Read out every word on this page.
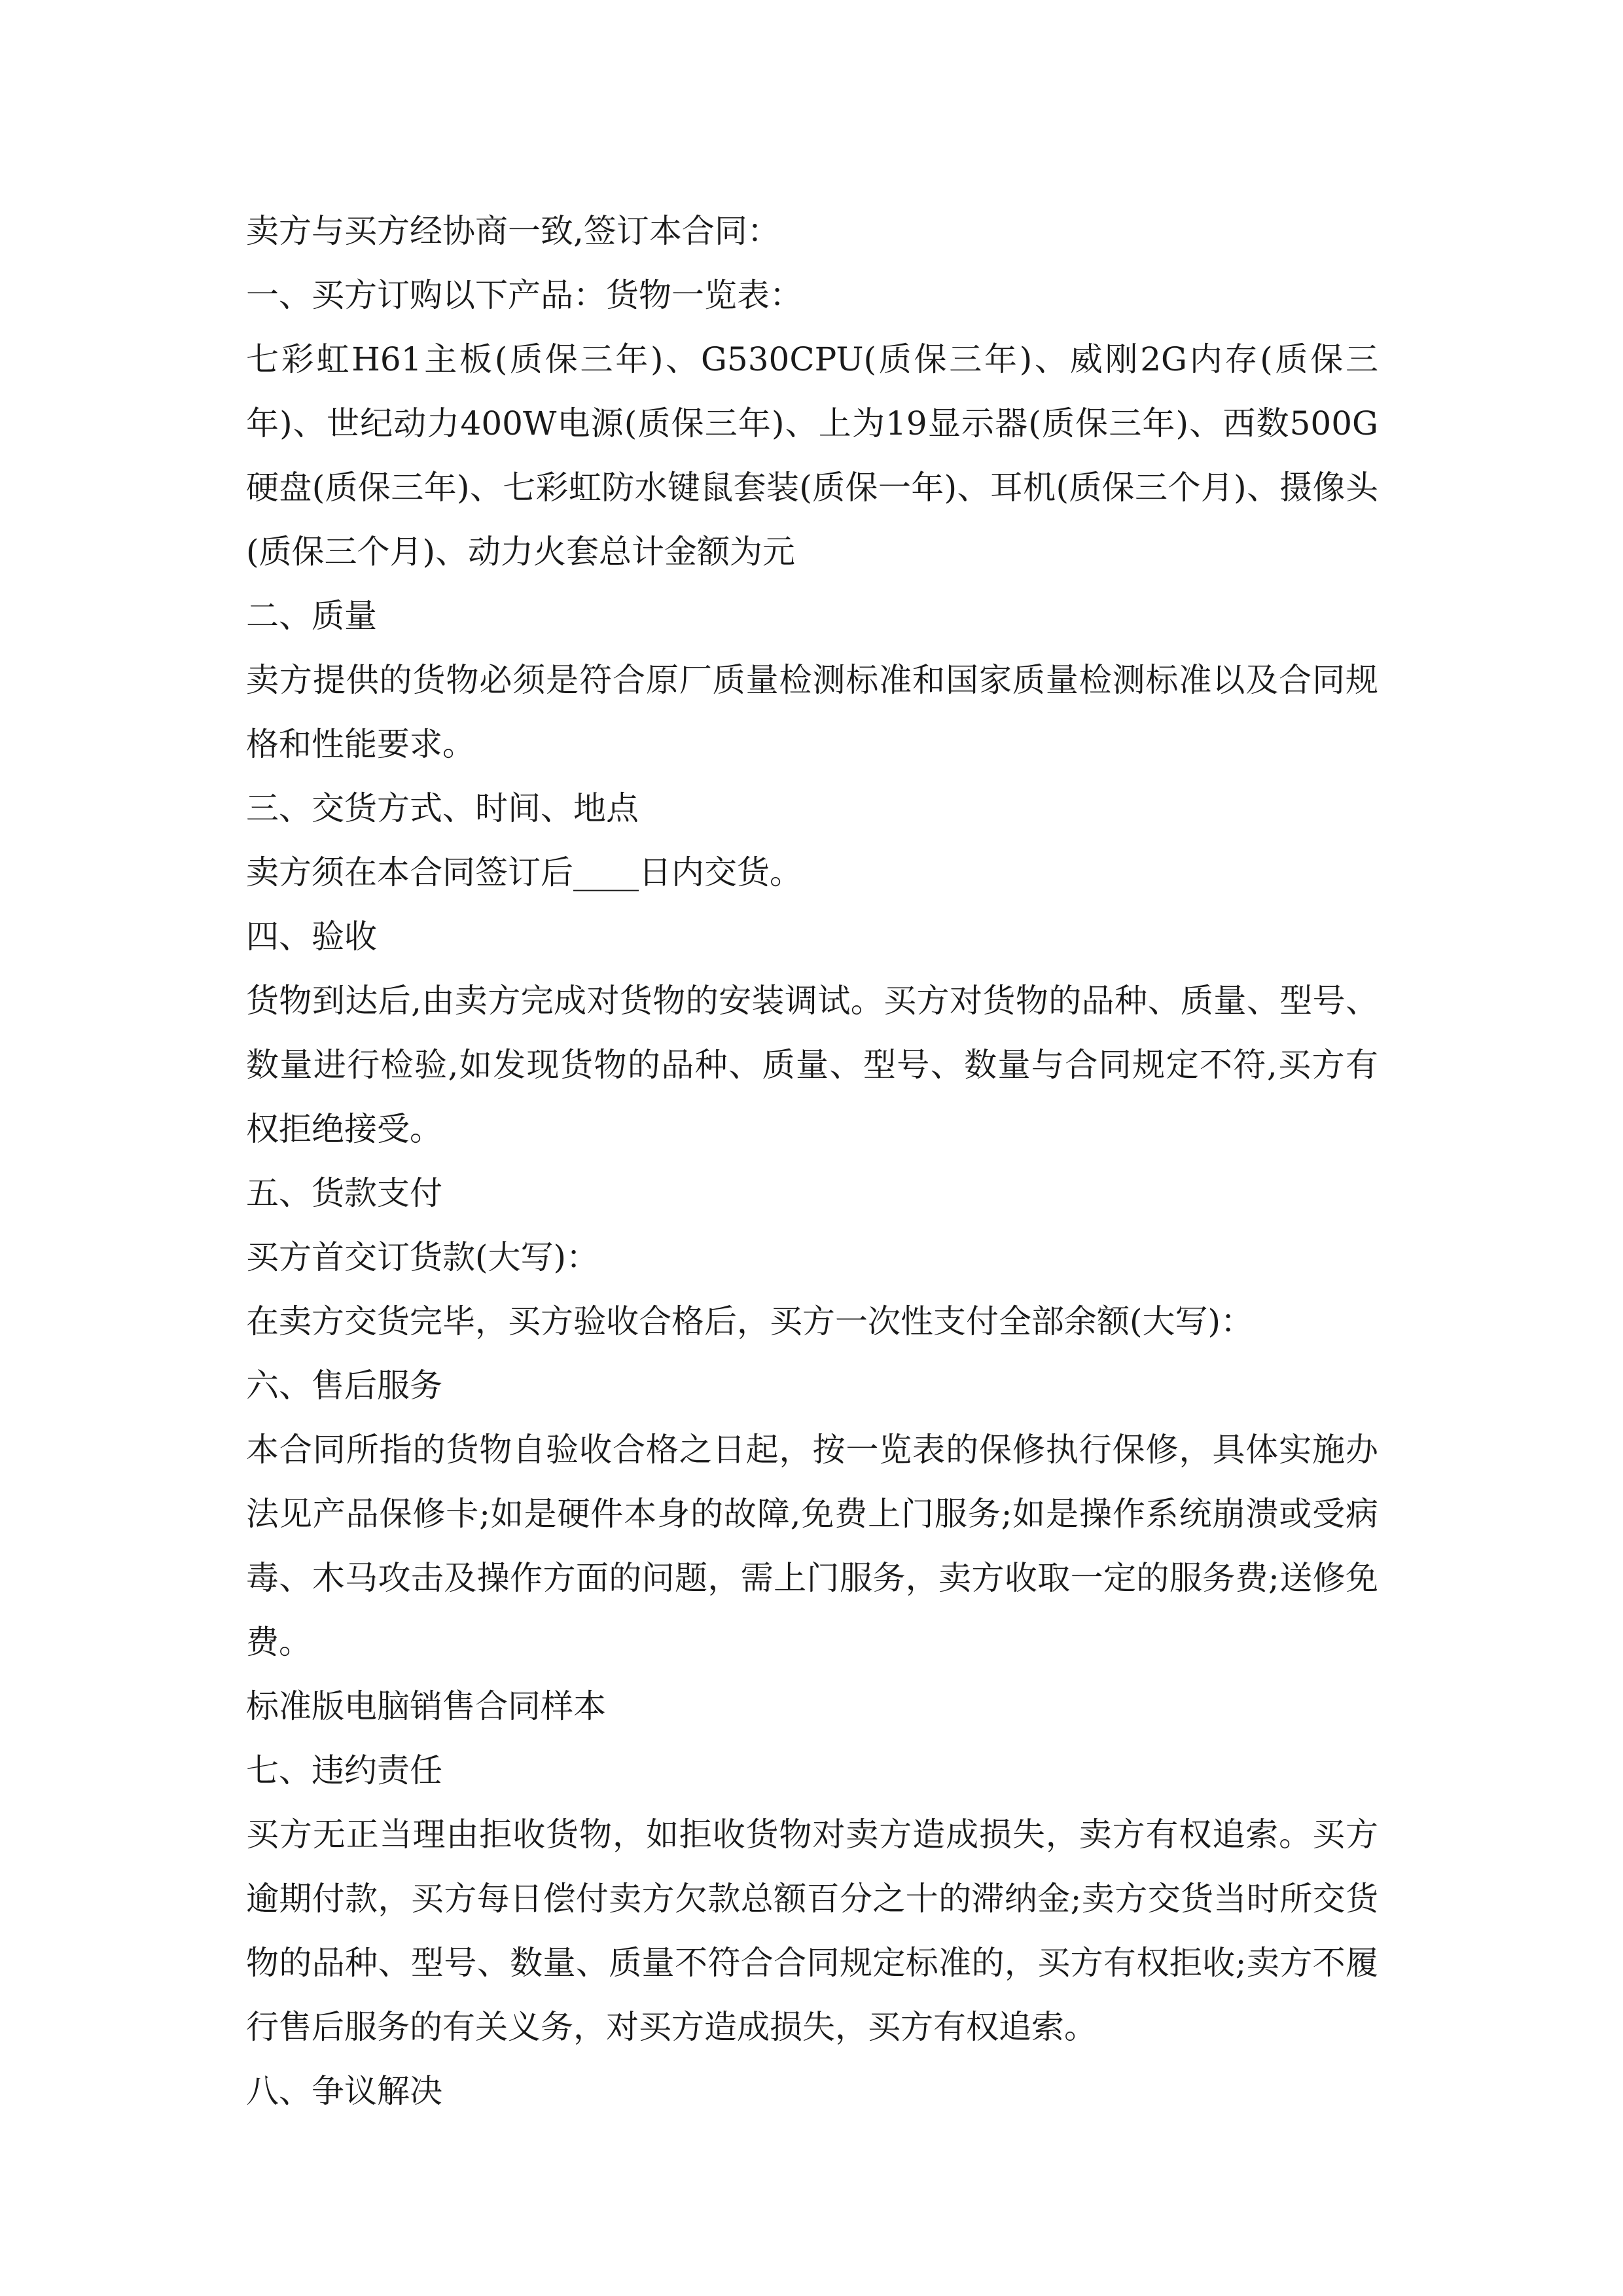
卖方与买方经协商一致,签订本合同：

一、买方订购以下产品：货物一览表：

七彩虹H61主板(质保三年)、G530CPU(质保三年)、威刚2G内存(质保三年)、世纪动力400W电源(质保三年)、上为19显示器(质保三年)、西数500G硬盘(质保三年)、七彩虹防水键鼠套装(质保一年)、耳机(质保三个月)、摄像头(质保三个月)、动力火套总计金额为元

二、质量

卖方提供的货物必须是符合原厂质量检测标准和国家质量检测标准以及合同规格和性能要求。

三、交货方式、时间、地点

卖方须在本合同签订后____日内交货。

四、验收

货物到达后,由卖方完成对货物的安装调试。买方对货物的品种、质量、型号、数量进行检验,如发现货物的品种、质量、型号、数量与合同规定不符,买方有权拒绝接受。

五、货款支付

买方首交订货款(大写)：

在卖方交货完毕，买方验收合格后，买方一次性支付全部余额(大写)：

六、售后服务

本合同所指的货物自验收合格之日起，按一览表的保修执行保修，具体实施办法见产品保修卡;如是硬件本身的故障,免费上门服务;如是操作系统崩溃或受病毒、木马攻击及操作方面的问题，需上门服务，卖方收取一定的服务费;送修免费。

标准版电脑销售合同样本

七、违约责任

买方无正当理由拒收货物，如拒收货物对卖方造成损失，卖方有权追索。买方逾期付款，买方每日偿付卖方欠款总额百分之十的滞纳金;卖方交货当时所交货物的品种、型号、数量、质量不符合合同规定标准的，买方有权拒收;卖方不履行售后服务的有关义务，对买方造成损失，买方有权追索。

八、争议解决
